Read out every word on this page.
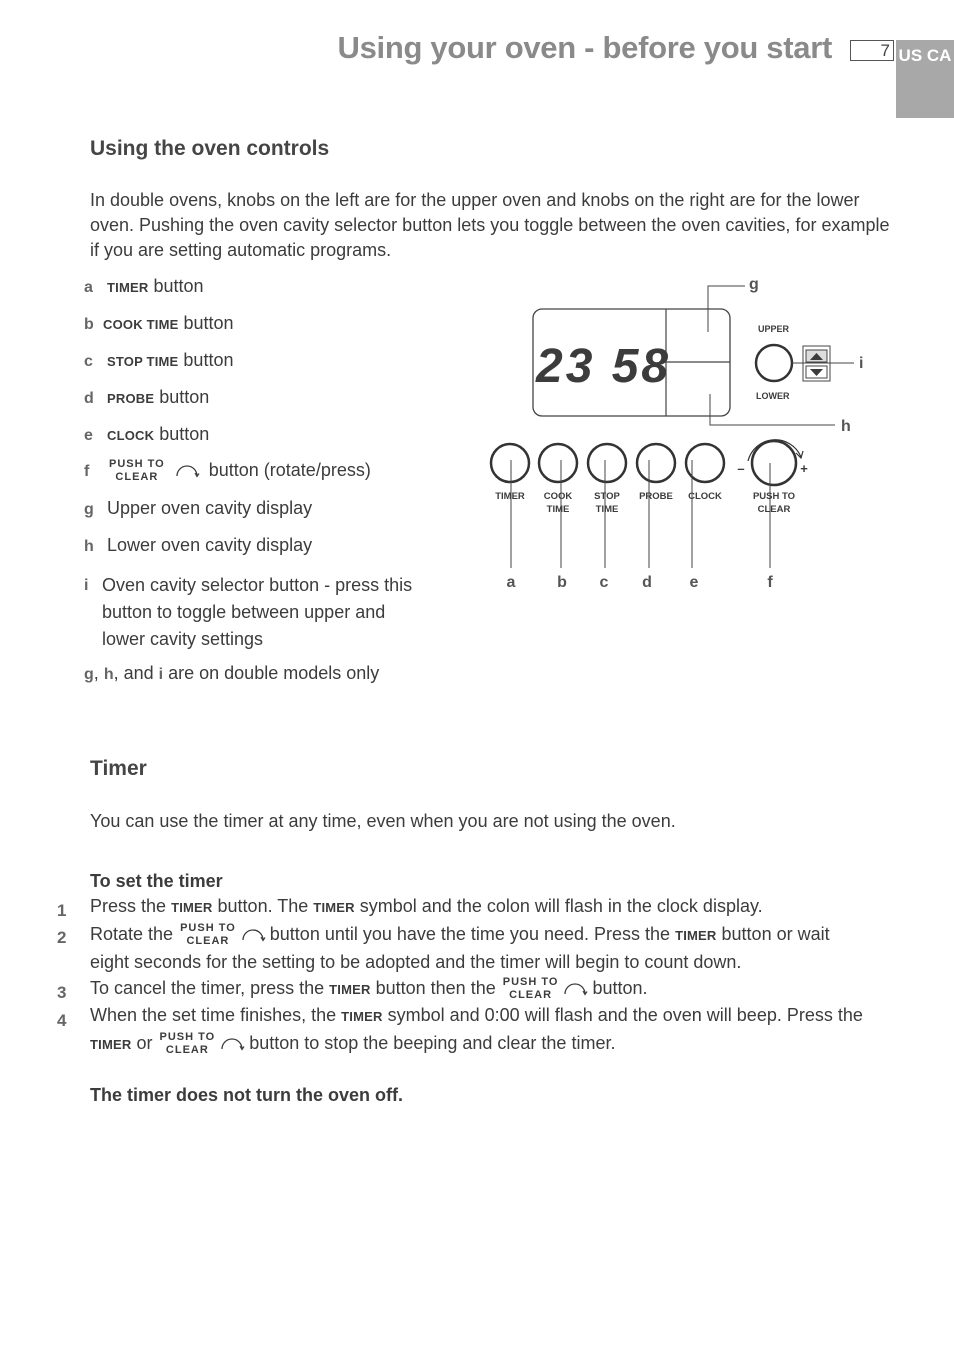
Using your oven - before you start	7 US CA
Using the oven controls
In double ovens, knobs on the left are for the upper oven and knobs on the right are for the lower oven. Pushing the oven cavity selector button lets you toggle between the oven cavities, for example if you are setting automatic programs.
a TIMER button
b COOK TIME button
c STOP TIME button
d PROBE button
e CLOCK button
f PUSH TO
CLEAR	button (rotate/press)
g Upper oven cavity display
h Lower oven cavity display
i Oven cavity selector button - press this
button to toggle between upper and
lower cavity settings
g, h, and i are on double models only
23 58
g
h
UPPER
LOWER
i
TIMER COOK
TIME
STOP
TIME
PROBE CLOCK
–	+
PUSH TO
CLEAR
a	b c d e	f
Timer
You can use the timer at any time, even when you are not using the oven.
To set the timer
1 Press the TIMER button. The TIMER symbol and the colon will flash in the clock display.
2 Rotate the PUSH TO
CLEAR button until you have the time you need. Press the TIMER button or wait
eight seconds for the setting to be adopted and the timer will begin to count down.
3 To cancel the timer, press the TIMER button then the PUSH TO
CLEAR button.
4 When the set time finishes, the TIMER symbol and 0:00 will flash and the oven will beep. Press the
TIMER or PUSH TO
CLEAR button to stop the beeping and clear the timer.
The timer does not turn the oven off.
